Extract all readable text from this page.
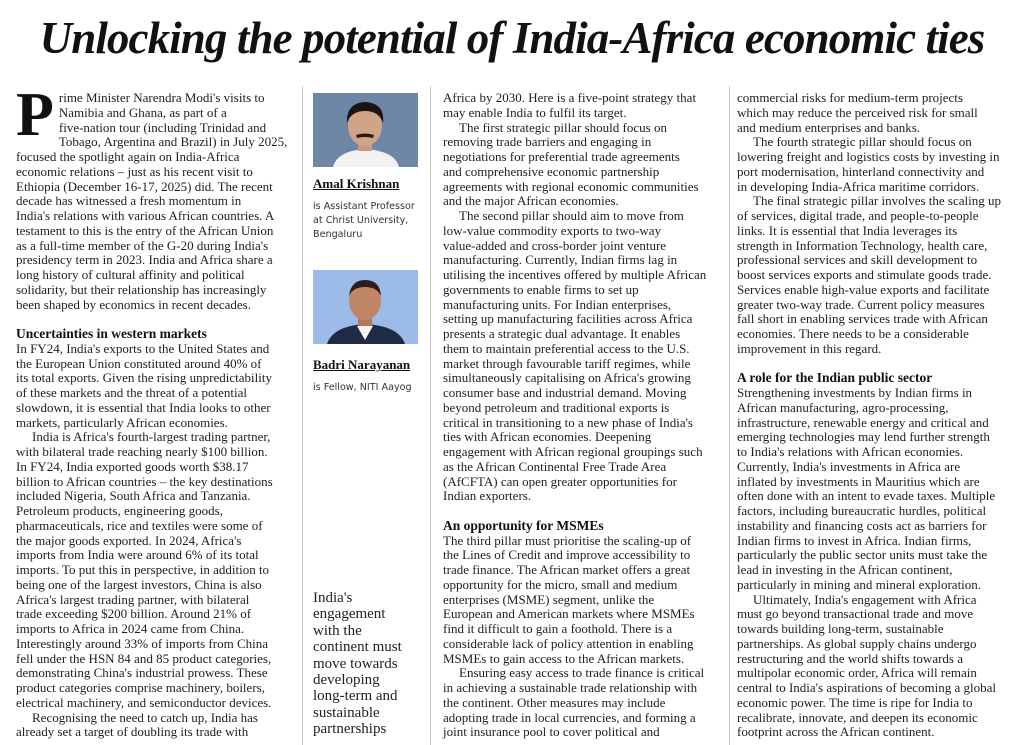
Unlocking the potential of India-Africa economic ties
P rime Minister Narendra Modi's visits to
Namibia and Ghana, as part of a
five-nation tour (including Trinidad and
Tobago, Argentina and Brazil) in July 2025,
focused the spotlight again on India-Africa
economic relations – just as his recent visit to
Ethiopia (December 16-17, 2025) did. The recent
decade has witnessed a fresh momentum in
India's relations with various African countries. A
testament to this is the entry of the African Union
as a full-time member of the G-20 during India's
presidency term in 2023. India and Africa share a
long history of cultural affinity and political
solidarity, but their relationship has increasingly
been shaped by economics in recent decades.

Uncertainties in western markets

In FY24, India's exports to the United States and
the European Union constituted around 40% of
its total exports. Given the rising unpredictability
of these markets and the threat of a potential
slowdown, it is essential that India looks to other
markets, particularly African economies.

India is Africa's fourth-largest trading partner,
with bilateral trade reaching nearly $100 billion.
In FY24, India exported goods worth $38.17
billion to African countries – the key destinations
included Nigeria, South Africa and Tanzania.
Petroleum products, engineering goods,
pharmaceuticals, rice and textiles were some of
the major goods exported. In 2024, Africa's
imports from India were around 6% of its total
imports. To put this in perspective, in addition to
being one of the largest investors, China is also
Africa's largest trading partner, with bilateral
trade exceeding $200 billion. Around 21% of
imports to Africa in 2024 came from China.
Interestingly around 33% of imports from China
fell under the HSN 84 and 85 product categories,
demonstrating China's industrial prowess. These
product categories comprise machinery, boilers,
electrical machinery, and semiconductor devices.

Recognising the need to catch up, India has
already set a target of doubling its trade with

Amal Krishnan
is Assistant Professor
at Christ University,
Bengaluru
Badri Narayanan
is Fellow, NITI Aayog
India's
engagement
with the
continent must
move towards
developing
long-term and
sustainable
partnerships

Africa by 2030. Here is a five-point strategy that
may enable India to fulfil its target.

The first strategic pillar should focus on
removing trade barriers and engaging in
negotiations for preferential trade agreements
and comprehensive economic partnership
agreements with regional economic communities
and the major African economies.

The second pillar should aim to move from
low-value commodity exports to two-way
value-added and cross-border joint venture
manufacturing. Currently, Indian firms lag in
utilising the incentives offered by multiple African
governments to enable firms to set up
manufacturing units. For Indian enterprises,
setting up manufacturing facilities across Africa
presents a strategic dual advantage. It enables
them to maintain preferential access to the U.S.
market through favourable tariff regimes, while
simultaneously capitalising on Africa's growing
consumer base and industrial demand. Moving
beyond petroleum and traditional exports is
critical in transitioning to a new phase of India's
ties with African economies. Deepening
engagement with African regional groupings such
as the African Continental Free Trade Area
(AfCFTA) can open greater opportunities for
Indian exporters.

An opportunity for MSMEs

The third pillar must prioritise the scaling-up of
the Lines of Credit and improve accessibility to
trade finance. The African market offers a great
opportunity for the micro, small and medium
enterprises (MSME) segment, unlike the
European and American markets where MSMEs
find it difficult to gain a foothold. There is a
considerable lack of policy attention in enabling
MSMEs to gain access to the African markets.

Ensuring easy access to trade finance is critical
in achieving a sustainable trade relationship with
the continent. Other measures may include
adopting trade in local currencies, and forming a
joint insurance pool to cover political and

commercial risks for medium-term projects
which may reduce the perceived risk for small
and medium enterprises and banks.

The fourth strategic pillar should focus on
lowering freight and logistics costs by investing in
port modernisation, hinterland connectivity and
in developing India-Africa maritime corridors.

The final strategic pillar involves the scaling up
of services, digital trade, and people-to-people
links. It is essential that India leverages its
strength in Information Technology, health care,
professional services and skill development to
boost services exports and stimulate goods trade.
Services enable high-value exports and facilitate
greater two-way trade. Current policy measures
fall short in enabling services trade with African
economies. There needs to be a considerable
improvement in this regard.

A role for the Indian public sector

Strengthening investments by Indian firms in
African manufacturing, agro-processing,
infrastructure, renewable energy and critical and
emerging technologies may lend further strength
to India's relations with African economies.
Currently, India's investments in Africa are
inflated by investments in Mauritius which are
often done with an intent to evade taxes. Multiple
factors, including bureaucratic hurdles, political
instability and financing costs act as barriers for
Indian firms to invest in Africa. Indian firms,
particularly the public sector units must take the
lead in investing in the African continent,
particularly in mining and mineral exploration.

Ultimately, India's engagement with Africa
must go beyond transactional trade and move
towards building long-term, sustainable
partnerships. As global supply chains undergo
restructuring and the world shifts towards a
multipolar economic order, Africa will remain
central to India's aspirations of becoming a global
economic power. The time is ripe for India to
recalibrate, innovate, and deepen its economic
footprint across the African continent.
